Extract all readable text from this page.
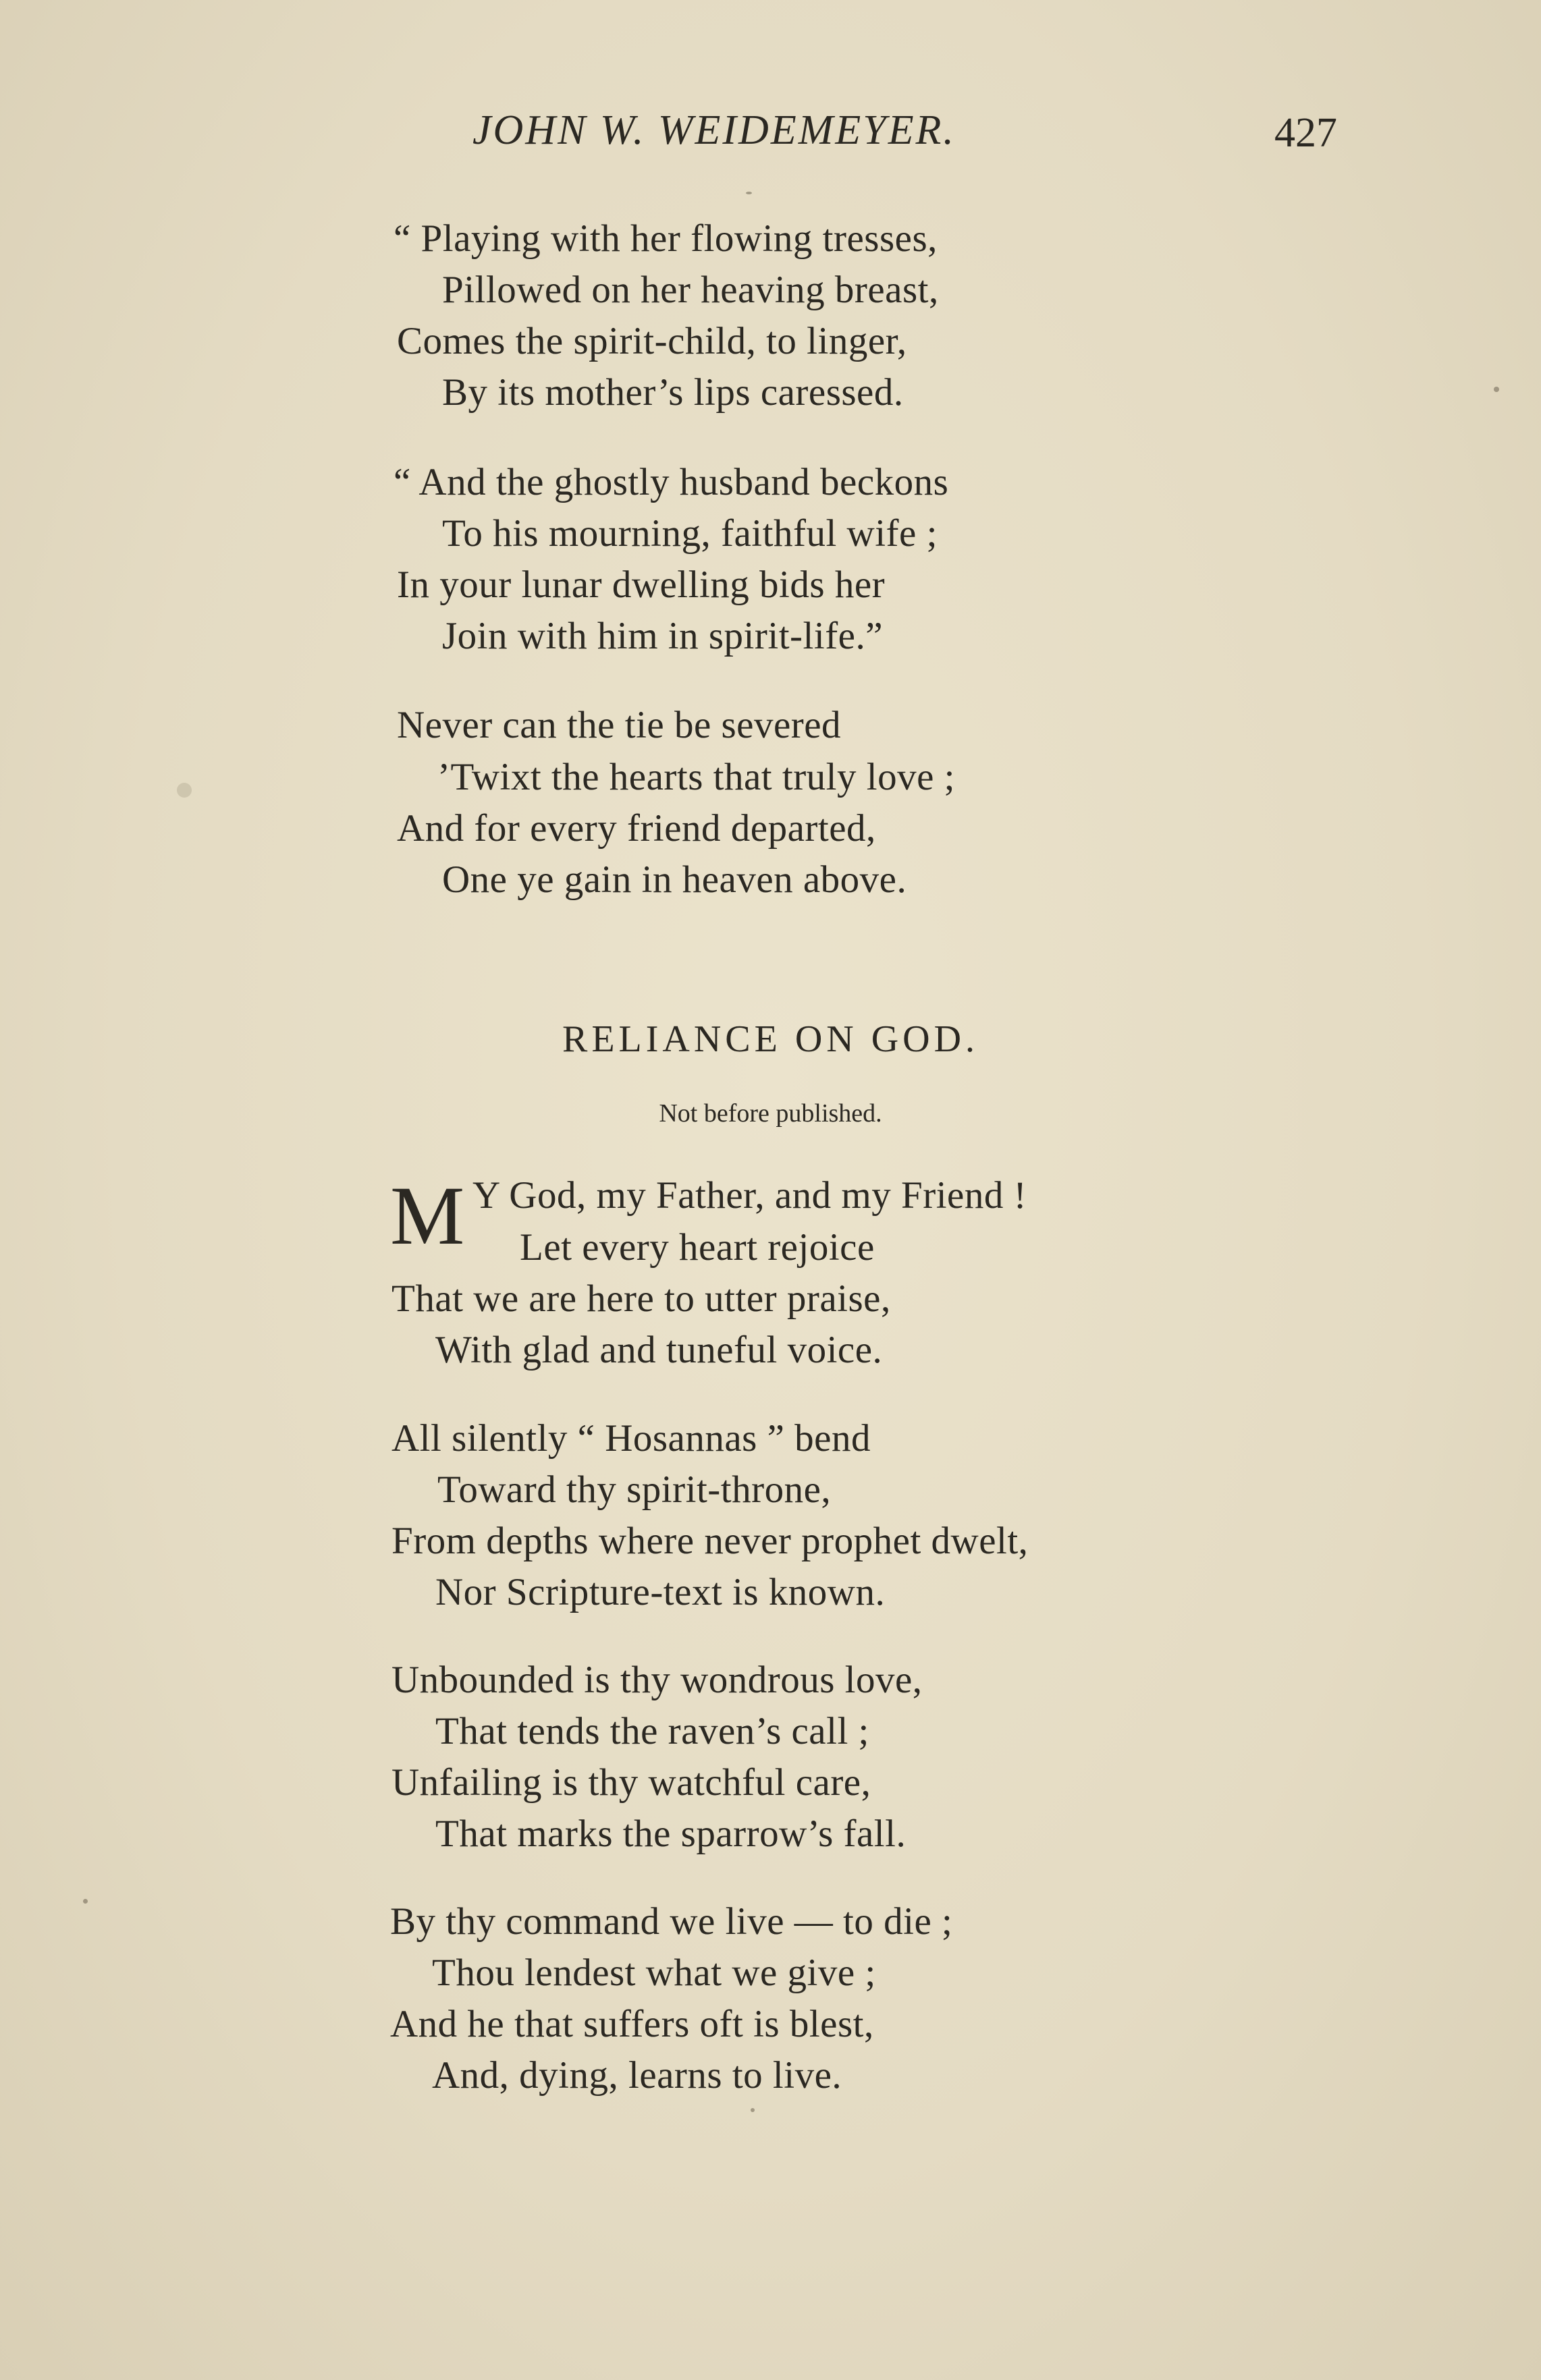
JOHN W. WEIDEMEYER.	427
“ Playing with her flowing tresses,
Pillowed on her heaving breast,
Comes the spirit-child, to linger,
By its mother’s lips caressed.
“ And the ghostly husband beckons
To his mourning, faithful wife ;
In your lunar dwelling bids her
Join with him in spirit-life.”
Never can the tie be severed
’Twixt the hearts that truly love ;
And for every friend departed,
One ye gain in heaven above.
RELIANCE ON GOD.
Not before published.
M Y God, my Father, and my Friend !
Let every heart rejoice
That we are here to utter praise,
With glad and tuneful voice.
All silently “ Hosannas ” bend
Toward thy spirit-throne,
From depths where never prophet dwelt,
Nor Scripture-text is known.
Unbounded is thy wondrous love,
That tends the raven’s call ;
Unfailing is thy watchful care,
That marks the sparrow’s fall.
By thy command we live — to die ;
Thou lendest what we give ;
And he that suffers oft is blest,
And, dying, learns to live.
